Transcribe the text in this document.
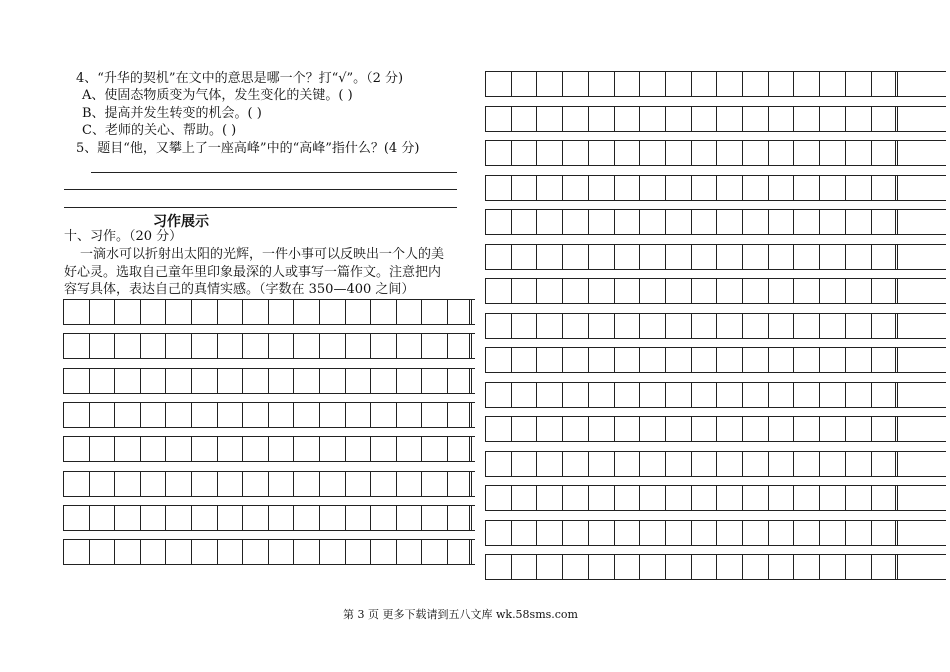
4、“升华的契机”在文中的意思是哪一个？打“√”。（2 分)
A、使固态物质变为气体，发生变化的关键。( )
B、提高并发生转变的机会。( )
C、老师的关心、帮助。( )
5、题目“他，又攀上了一座高峰”中的“高峰”指什么？(4 分)
习作展示
十、习作。（20 分）
一滴水可以折射出太阳的光辉，一件小事可以反映出一个人的美
好心灵。选取自己童年里印象最深的人或事写一篇作文。注意把内
容写具体，表达自己的真情实感。（字数在 350—400 之间）
第 3 页 更多下载请到五八文库 wk.58sms.com
